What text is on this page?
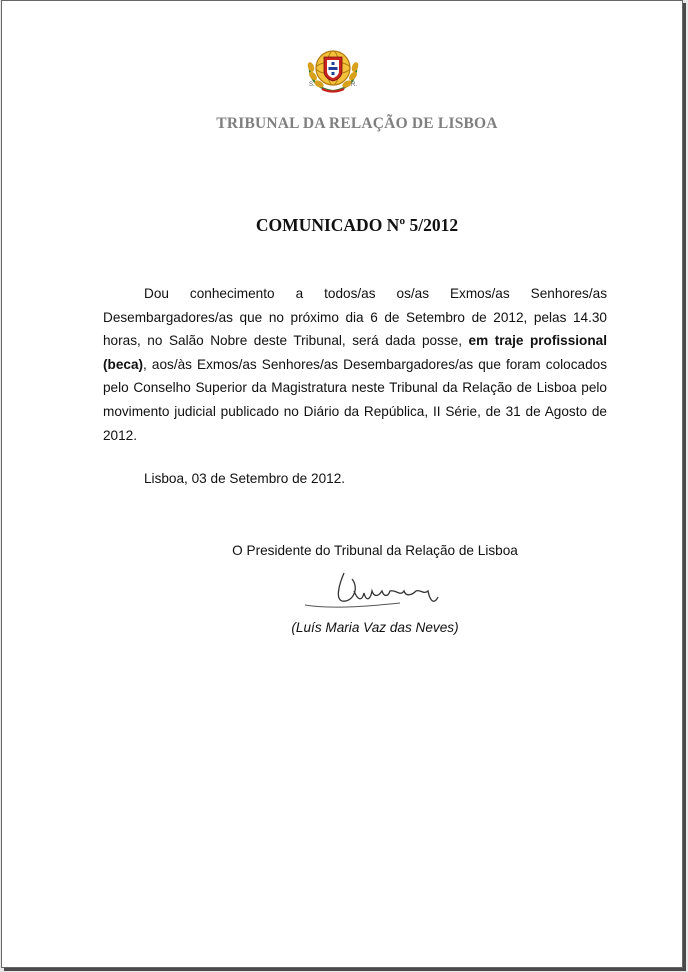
S.	R.
TRIBUNAL DA RELAÇÃO DE LISBOA
COMUNICADO Nº 5/2012
Dou conhecimento a todos/as os/as Exmos/as Senhores/as Desembargadores/as que no próximo dia 6 de Setembro de 2012, pelas 14.30 horas, no Salão Nobre deste Tribunal, será dada posse, em traje profissional (beca), aos/às Exmos/as Senhores/as Desembargadores/as que foram colocados pelo Conselho Superior da Magistratura neste Tribunal da Relação de Lisboa pelo movimento judicial publicado no Diário da República, II Série, de 31 de Agosto de 2012.
Lisboa, 03 de Setembro de 2012.
O Presidente do Tribunal da Relação de Lisboa
(Luís Maria Vaz das Neves)
